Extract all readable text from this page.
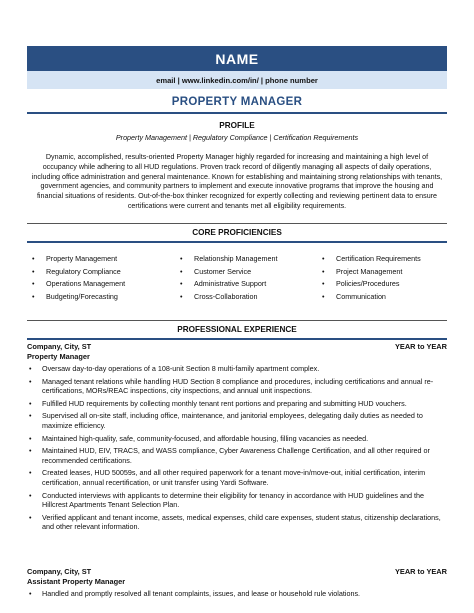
NAME
email | www.linkedin.com/in/ | phone number
PROPERTY MANAGER
PROFILE
Property Management | Regulatory Compliance | Certification Requirements
Dynamic, accomplished, results-oriented Property Manager highly regarded for increasing and maintaining a high level of occupancy while adhering to all HUD regulations. Proven track record of diligently managing all aspects of daily operations, including office administration and general maintenance. Known for establishing and maintaining strong relationships with tenants, government agencies, and community partners to implement and execute innovative programs that improve the housing and financial situations of residents. Out-of-the-box thinker recognized for expertly collecting and reviewing pertinent data to ensure certifications were current and tenants met all eligibility requirements.
CORE PROFICIENCIES
• Property Management
• Regulatory Compliance
• Operations Management
• Budgeting/Forecasting
• Relationship Management
• Customer Service
• Administrative Support
• Cross-Collaboration
• Certification Requirements
• Project Management
• Policies/Procedures
• Communication
PROFESSIONAL EXPERIENCE
Company, City, ST	YEAR to YEAR
Property Manager
• Oversaw day-to-day operations of a 108-unit Section 8 multi-family apartment complex.
• Managed tenant relations while handling HUD Section 8 compliance and procedures, including certifications and annual re-certifications, MORs/REAC inspections, city inspections, and annual unit inspections.
• Fulfilled HUD requirements by collecting monthly tenant rent portions and preparing and submitting HUD vouchers.
• Supervised all on-site staff, including office, maintenance, and janitorial employees, delegating daily duties as needed to maximize efficiency.
• Maintained high-quality, safe, community-focused, and affordable housing, filling vacancies as needed.
• Maintained HUD, EIV, TRACS, and WASS compliance, Cyber Awareness Challenge Certification, and all other required or recommended certifications.
• Created leases, HUD 50059s, and all other required paperwork for a tenant move-in/move-out, initial certification, interim certification, annual recertification, or unit transfer using Yardi Software.
• Conducted interviews with applicants to determine their eligibility for tenancy in accordance with HUD guidelines and the Hillcrest Apartments Tenant Selection Plan.
• Verified applicant and tenant income, assets, medical expenses, child care expenses, student status, citizenship declarations, and other relevant information.
Company, City, ST	YEAR to YEAR
Assistant Property Manager
• Handled and promptly resolved all tenant complaints, issues, and lease or household rule violations.
